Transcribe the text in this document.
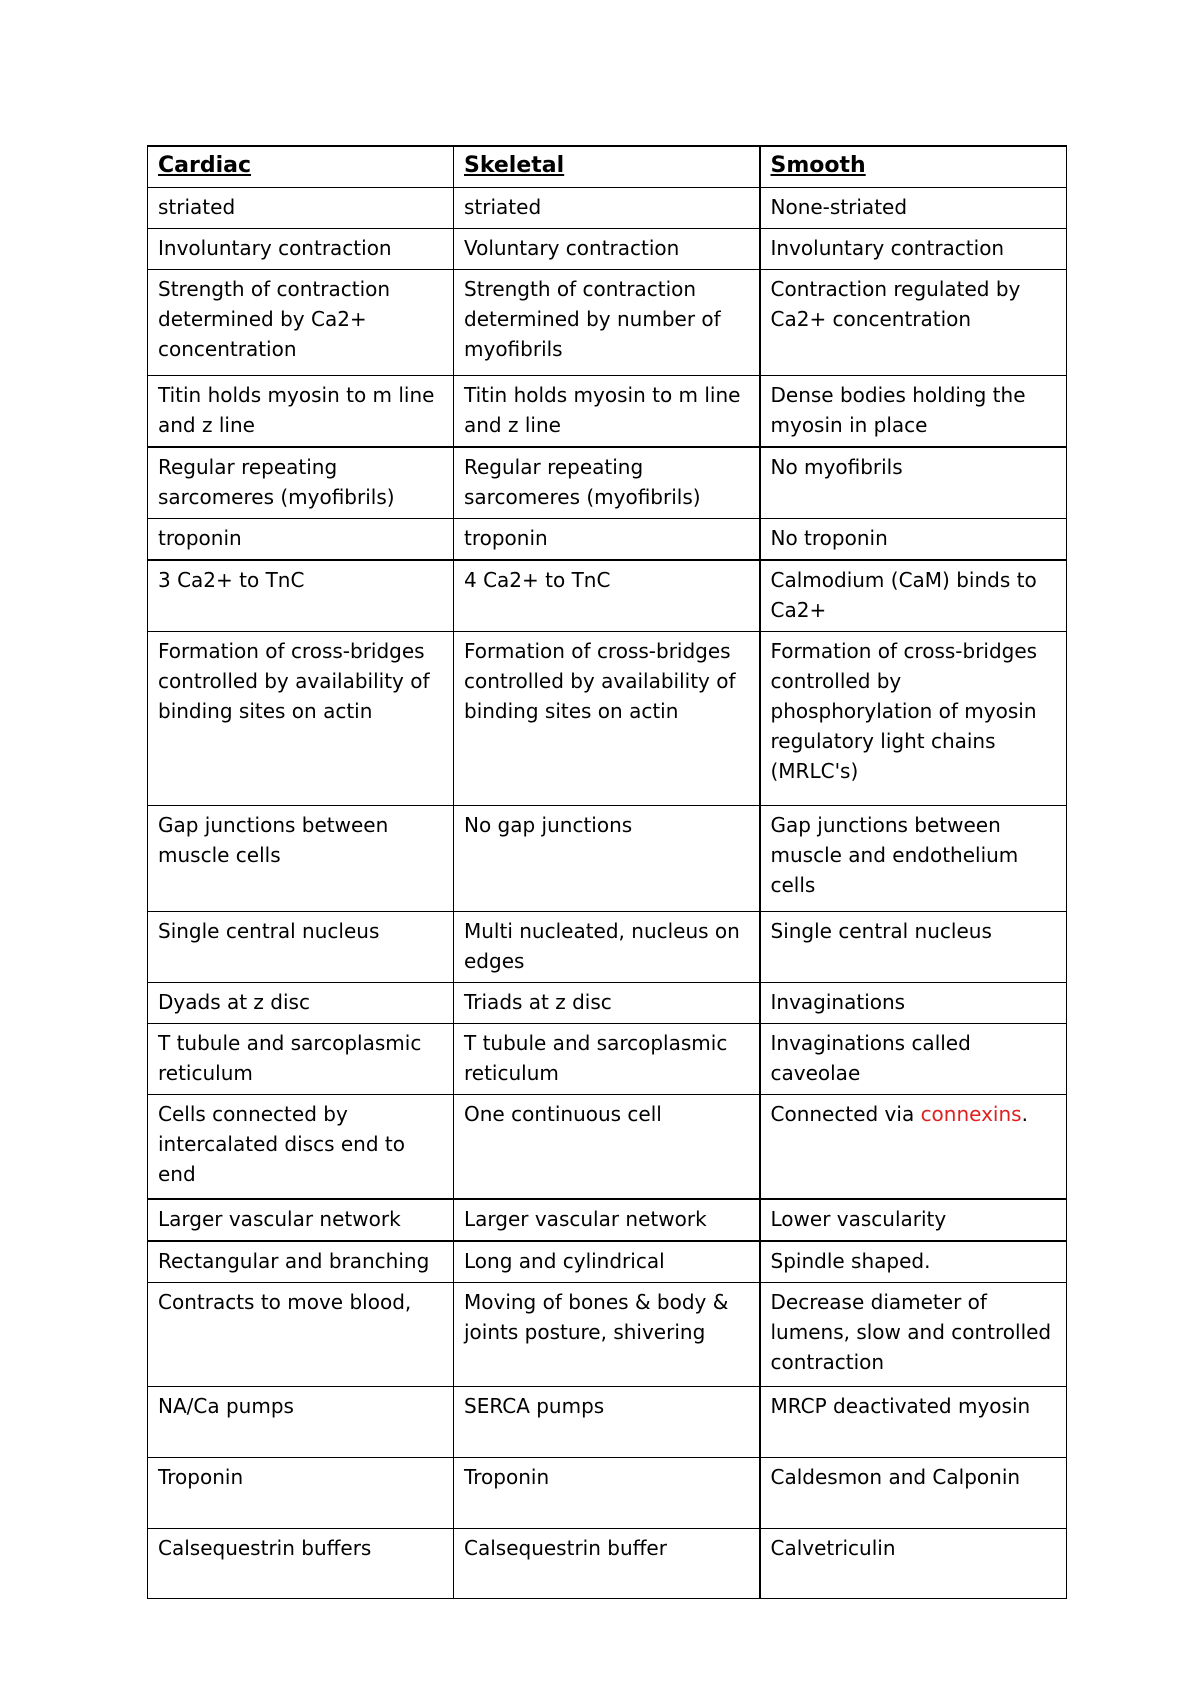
Cardiac	Skeletal	Smooth
striated	striated	None-striated
Involuntary contraction	Voluntary contraction	Involuntary contraction
Strength of contraction determined by Ca2+ concentration	Strength of contraction determined by number of myofibrils	Contraction regulated by Ca2+ concentration
Titin holds myosin to m line and z line	Titin holds myosin to m line and z line	Dense bodies holding the myosin in place
Regular repeating sarcomeres (myofibrils)	Regular repeating sarcomeres (myofibrils)	No myofibrils
troponin	troponin	No troponin
3 Ca2+ to TnC	4 Ca2+ to TnC	Calmodium (CaM) binds to Ca2+
Formation of cross-bridges controlled by availability of binding sites on actin	Formation of cross-bridges controlled by availability of binding sites on actin	Formation of cross-bridges controlled by phosphorylation of myosin regulatory light chains (MRLC's)
Gap junctions between muscle cells	No gap junctions	Gap junctions between muscle and endothelium cells
Single central nucleus	Multi nucleated, nucleus on edges	Single central nucleus
Dyads at z disc	Triads at z disc	Invaginations
T tubule and sarcoplasmic reticulum	T tubule and sarcoplasmic reticulum	Invaginations called caveolae
Cells connected by intercalated discs end to end	One continuous cell	Connected via connexins.
Larger vascular network	Larger vascular network	Lower vascularity
Rectangular and branching	Long and cylindrical	Spindle shaped.
Contracts to move blood,	Moving of bones & body & joints posture, shivering	Decrease diameter of lumens, slow and controlled contraction
NA/Ca pumps	SERCA pumps	MRCP deactivated myosin
Troponin	Troponin	Caldesmon and Calponin
Calsequestrin buffers	Calsequestrin buffer	Calvetriculin
